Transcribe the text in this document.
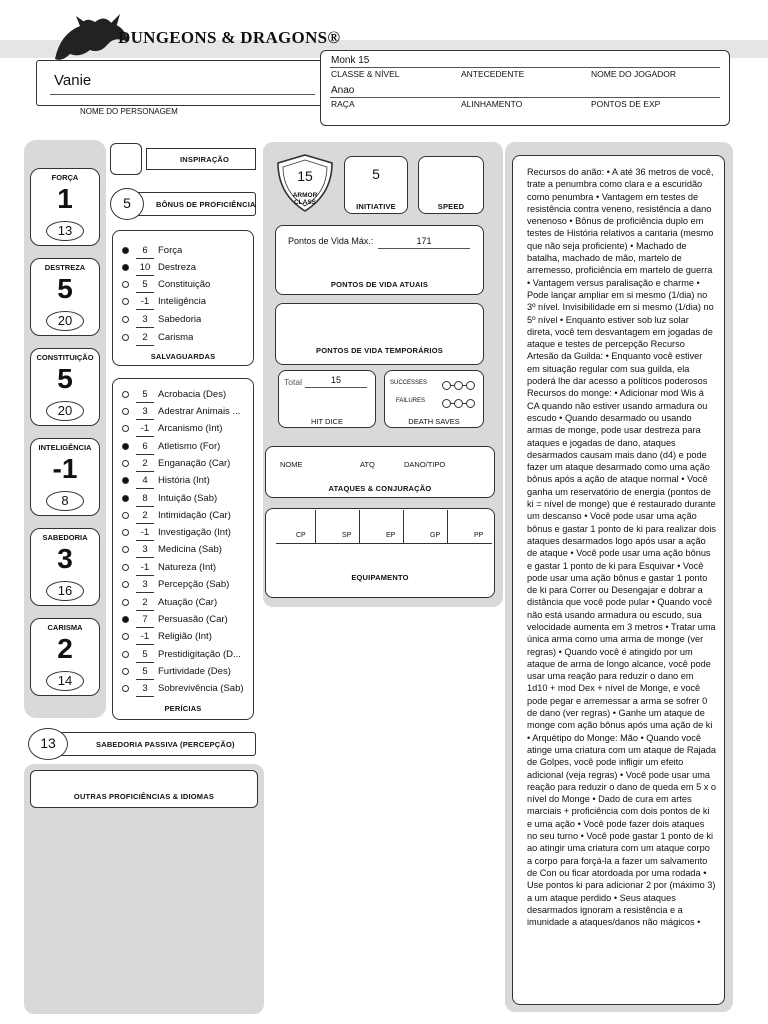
DUNGEONS & DRAGONS®
Vanie
NOME DO PERSONAGEM
Monk 15
CLASSE & NÍVEL	ANTECEDENTE	NOME DO JOGADOR
Anao
RAÇA	ALINHAMENTO	PONTOS DE EXP
FORÇA
1
13
DESTREZA
5
20
CONSTITUIÇÃO
5
20
INTELIGÊNCIA
-1
8
SABEDORIA
3
16
CARISMA
2
14
INSPIRAÇÃO
5	BÔNUS DE PROFICIÊNCIA
6	Força
10 Destreza
5	Constituição
-1 Inteligência
3	Sabedoria
2	Carisma
SALVAGUARDAS
5	Acrobacia (Des)
3	Adestrar Animais ...
-1 Arcanismo (Int)
6	Atletismo (For)
2	Enganação (Car)
4	História (Int)
8	Intuição (Sab)
2	Intimidação (Car)
-1 Investigação (Int)
3	Medicina (Sab)
-1 Natureza (Int)
3	Percepção (Sab)
2	Atuação (Car)
7	Persuasão (Car)
-1 Religião (Int)
5	Prestidigitação (D...
5	Furtividade (Des)
3	Sobrevivência (Sab)
PERÍCIAS
13	SABEDORIA PASSIVA (PERCEPÇÃO)
OUTRAS PROFICIÊNCIAS & IDIOMAS
15
ARMOR CLASS
5
INITIATIVE	SPEED
Pontos de Vida Máx.:	171
PONTOS DE VIDA ATUAIS
PONTOS DE VIDA TEMPORÁRIOS
Total	15
HIT DICE
SUCCESSES
FAILURES
DEATH SAVES
NOME	ATQ	DANO/TIPO
ATAQUES & CONJURAÇÃO
CP	SP	EP	GP	PP
EQUIPAMENTO
Recursos do anão: • A até 36 metros de você, trate a penumbra como clara e a escuridão como penumbra • Vantagem em testes de resistência contra veneno, resistência a dano venenoso • Bônus de proficiência duplo em testes de História relativos a cantaria (mesmo que não seja proficiente) • Machado de batalha, machado de mão, martelo de arremesso, proficiência em martelo de guerra • Vantagem versus paralisação e charme • Pode lançar ampliar em si mesmo (1/dia) no 3º nível. Invisibilidade em si mesmo (1/dia) no 5º nível • Enquanto estiver sob luz solar direta, você tem desvantagem em jogadas de ataque e testes de percepção Recurso Artesão da Guilda: • Enquanto você estiver em situação regular com sua guilda, ela poderá lhe dar acesso a políticos poderosos Recursos do monge: • Adicionar mod Wis à CA quando não estiver usando armadura ou escudo • Quando desarmado ou usando armas de monge, pode usar destreza para ataques e jogadas de dano, ataques desarmados causam mais dano (d4) e pode fazer um ataque desarmado como uma ação bônus após a ação de ataque normal • Você ganha um reservatório de energia (pontos de ki = nível de monge) que é restaurado durante um descanso • Você pode usar uma ação bônus e gastar 1 ponto de ki para realizar dois ataques desarmados logo após usar a ação de ataque • Você pode usar uma ação bônus e gastar 1 ponto de ki para Esquivar • Você pode usar uma ação bônus e gastar 1 ponto de ki para Correr ou Desengajar e dobrar a distância que você pode pular • Quando você não está usando armadura ou escudo, sua velocidade aumenta em 3 metros • Tratar uma única arma como uma arma de monge (ver regras) • Quando você é atingido por um ataque de arma de longo alcance, você pode usar uma reação para reduzir o dano em 1d10 + mod Dex + nível de Monge, e você pode pegar e arremessar a arma se sofrer 0 de dano (ver regras) • Ganhe um ataque de monge com ação bônus após uma ação de ki • Arquétipo do Monge: Mão • Quando você atinge uma criatura com um ataque de Rajada de Golpes, você pode infligir um efeito adicional (veja regras) • Você pode usar uma reação para reduzir o dano de queda em 5 x o nível do Monge • Dado de cura em artes marciais + proficiência com dois pontos de ki e uma ação • Você pode fazer dois ataques no seu turno • Você pode gastar 1 ponto de ki ao atingir uma criatura com um ataque corpo a corpo para forçá-la a fazer um salvamento de Con ou ficar atordoada por uma rodada • Use pontos ki para adicionar 2 por (máximo 3) a um ataque perdido • Seus ataques desarmados ignoram a resistência e a imunidade a ataques/danos não mágicos •
